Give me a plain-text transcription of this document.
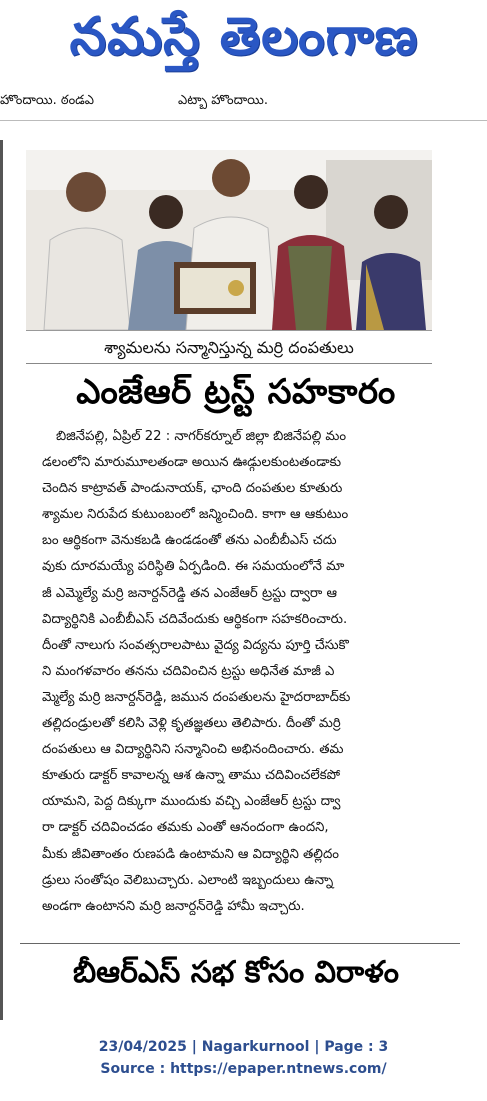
నమస్తే తెలంగాణ
హొందాయి. ఠండఎ	ఎట్బా హొందాయి.
శ్యామలను సన్మానిస్తున్న మర్రి దంపతులు
ఎంజేఆర్ ట్రస్ట్ సహకారం
బిజినేపల్లి, ఏప్రిల్ 22 : నాగర్‌కర్నూల్ జిల్లా బిజినేపల్లి మం
డలంలోని మారుమూలతండా అయిన ఊడ్గులకుంటతండాకు
చెందిన కాట్రావత్ పాండునాయక్, ఛాంది దంపతుల కూతురు
శ్యామల నిరుపేద కుటుంబంలో జన్మించింది. కాగా ఆ ఆకుటుం
బం ఆర్థికంగా వెనుకబడి ఉండడంతో తను ఎంబీబీఎస్ చదు
వుకు దూరమయ్యే పరిస్థితి ఏర్పడింది. ఈ సమయంలోనే మా
జీ ఎమ్మెల్యే మర్రి జనార్దన్‌రెడ్డి తన ఎంజేఆర్ ట్రస్టు ద్వారా ఆ
విద్యార్థినికి ఎంబీబీఎస్ చదివేందుకు ఆర్థికంగా సహకరించారు.
దీంతో నాలుగు సంవత్సరాలపాటు వైద్య విద్యను పూర్తి చేసుకొ
ని మంగళవారం తనను చదివించిన ట్రస్టు అధినేత మాజీ ఎ
మ్మెల్యే మర్రి జనార్దన్‌రెడ్డి, జమున దంపతులను హైదరాబాద్‌కు
తల్లిదండ్రులతో కలిసి వెళ్లి కృతజ్ఞతలు తెలిపారు. దీంతో మర్రి
దంపతులు ఆ విద్యార్థినిని సన్మానించి అభినందించారు. తమ
కూతురు డాక్టర్ కావాలన్న ఆశ ఉన్నా తాము చదివించలేకపో
యామని, పెద్ద దిక్కుగా ముందుకు వచ్చి ఎంజేఆర్ ట్రస్టు ద్వా
రా డాక్టర్ చదివించడం తమకు ఎంతో ఆనందంగా ఉందని,
మీకు జీవితాంతం రుణపడి ఉంటామని ఆ విద్యార్థిని తల్లిదం
డ్రులు సంతోషం వెలిబుచ్చారు. ఎలాంటి ఇబ్బందులు ఉన్నా
అండగా ఉంటానని మర్రి జనార్దన్‌రెడ్డి హామీ ఇచ్చారు.
బీఆర్ఎస్ సభ కోసం విరాళం
23/04/2025 | Nagarkurnool | Page : 3
Source : https://epaper.ntnews.com/
